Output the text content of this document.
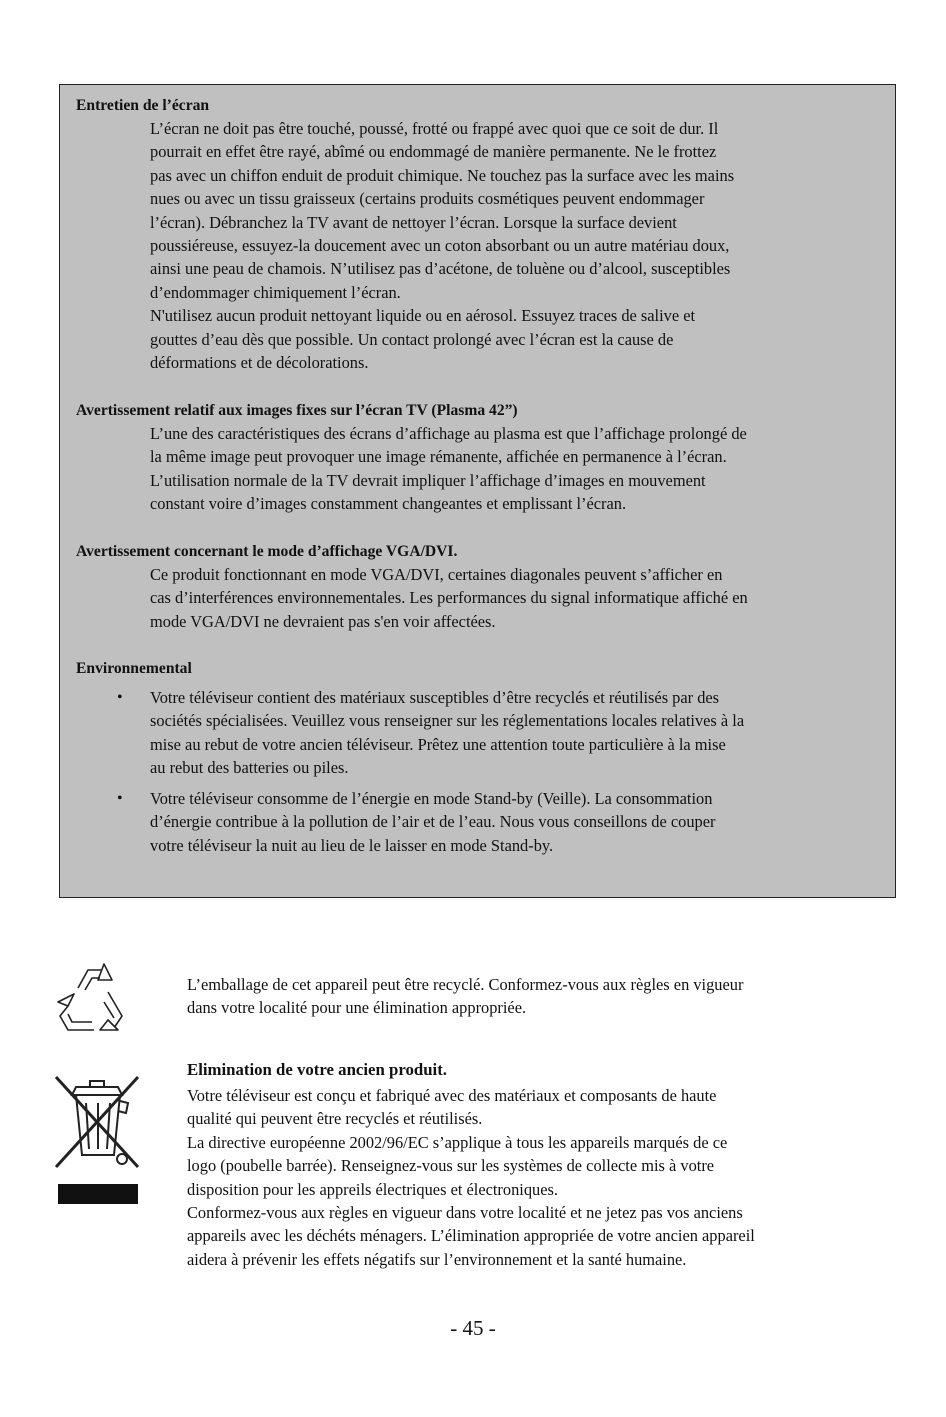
Entretien de l’écran
L’écran ne doit pas être touché, poussé, frotté ou frappé avec quoi que ce soit de dur. Il
pourrait en effet être rayé, abîmé ou endommagé de manière permanente. Ne le frottez
pas avec un chiffon enduit de produit chimique. Ne touchez pas la surface avec les mains
nues ou avec un tissu graisseux (certains produits cosmétiques peuvent endommager
l’écran). Débranchez la TV avant de nettoyer l’écran. Lorsque la surface devient
poussiéreuse, essuyez-la doucement avec un coton absorbant ou un autre matériau doux,
ainsi une peau de chamois. N’utilisez pas d’acétone, de toluène ou d’alcool, susceptibles
d’endommager chimiquement l’écran.
N'utilisez aucun produit nettoyant liquide ou en aérosol. Essuyez traces de salive et
gouttes d’eau dès que possible. Un contact prolongé avec l’écran est la cause de
déformations et de décolorations.
Avertissement relatif aux images fixes sur l’écran TV (Plasma 42”)
L’une des caractéristiques des écrans d’affichage au plasma est que l’affichage prolongé de
la même image peut provoquer une image rémanente, affichée en permanence à l’écran.
L’utilisation normale de la TV devrait impliquer l’affichage d’images en mouvement
constant voire d’images constamment changeantes et emplissant l’écran.
Avertissement concernant le mode d’affichage VGA/DVI.
Ce produit fonctionnant en mode VGA/DVI, certaines diagonales peuvent s’afficher en
cas d’interférences environnementales. Les performances du signal informatique affiché en
mode VGA/DVI ne devraient pas s'en voir affectées.
Environnemental
• Votre téléviseur contient des matériaux susceptibles d’être recyclés et réutilisés par des
sociétés spécialisées. Veuillez vous renseigner sur les réglementations locales relatives à la
mise au rebut de votre ancien téléviseur. Prêtez une attention toute particulière à la mise
au rebut des batteries ou piles.
• Votre téléviseur consomme de l’énergie en mode Stand-by (Veille). La consommation
d’énergie contribue à la pollution de l’air et de l’eau. Nous vous conseillons de couper
votre téléviseur la nuit au lieu de le laisser en mode Stand-by.
L’emballage de cet appareil peut être recyclé. Conformez-vous aux règles en vigueur
dans votre localité pour une élimination appropriée.
Elimination de votre ancien produit.
Votre téléviseur est conçu et fabriqué avec des matériaux et composants de haute
qualité qui peuvent être recyclés et réutilisés.
La directive européenne 2002/96/EC s’applique à tous les appareils marqués de ce
logo (poubelle barrée). Renseignez-vous sur les systèmes de collecte mis à votre
disposition pour les appreils électriques et électroniques.
Conformez-vous aux règles en vigueur dans votre localité et ne jetez pas vos anciens
appareils avec les déchéts ménagers. L’élimination appropriée de votre ancien appareil
aidera à prévenir les effets négatifs sur l’environnement et la santé humaine.
- 45 -
